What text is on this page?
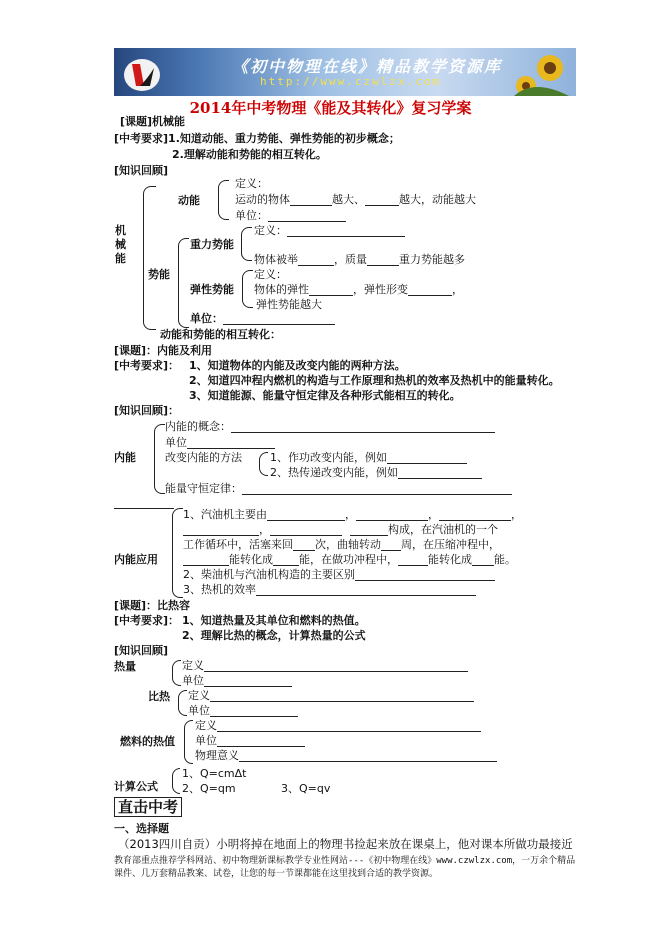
《初中物理在线》精品教学资源库
http://www.czwlzx.com
2014年中考物理《能及其转化》复习学案
[课题]机械能
[中考要求]1.知道动能、重力势能、弹性势能的初步概念；
2.理解动能和势能的相互转化。
[知识回顾]
机
械
能
动能
定义：
运动的物体	越大、	越大，动能越大
单位：
势能
重力势能
定义：
物体被举	，质量	重力势能越多
弹性势能
定义：
物体的弹性	，弹性形变	，
弹性势能越大
单位：
动能和势能的相互转化：
[课题]：内能及利用
[中考要求]： 1、知道物体的内能及改变内能的两种方法。
2、知道四冲程内燃机的构造与工作原理和热机的效率及热机中的能量转化。
3、知道能源、能量守恒定律及各种形式能相互的转化。
[知识回顾]：
内能
内能的概念：
单位
改变内能的方法	1、作功改变内能，例如
2、热传递改变内能，例如
能量守恒定律：
内能应用
1、汽油机主要由	，	，	，
，	构成，在汽油机的一个
工作循环中，活塞来回 次，曲轴转动 周，在压缩冲程中，
能转化成 能，在做功冲程中，	能转化成 能。
2、柴油机与汽油机构造的主要区别
3、热机的效率
[课题]：比热容
[中考要求]： 1、知道热量及其单位和燃料的热值。
2、理解比热的概念，计算热量的公式
[知识回顾]
热量	定义
单位
比热 定义
单位
燃料的热值
定义
单位
物理意义
计算公式
1、Q=cmΔt
2、Q=qm	3、Q=qv
直击中考
一、选择题
（2013四川自贡）小明将掉在地面上的物理书捡起来放在课桌上，他对课本所做功最接近
教育部重点推荐学科网站、初中物理新课标教学专业性网站---《初中物理在线》www.czwlzx.com，一万余个精品课件、几万套精品教案、试卷，让您的每一节课都能在这里找到合适的教学资源。
